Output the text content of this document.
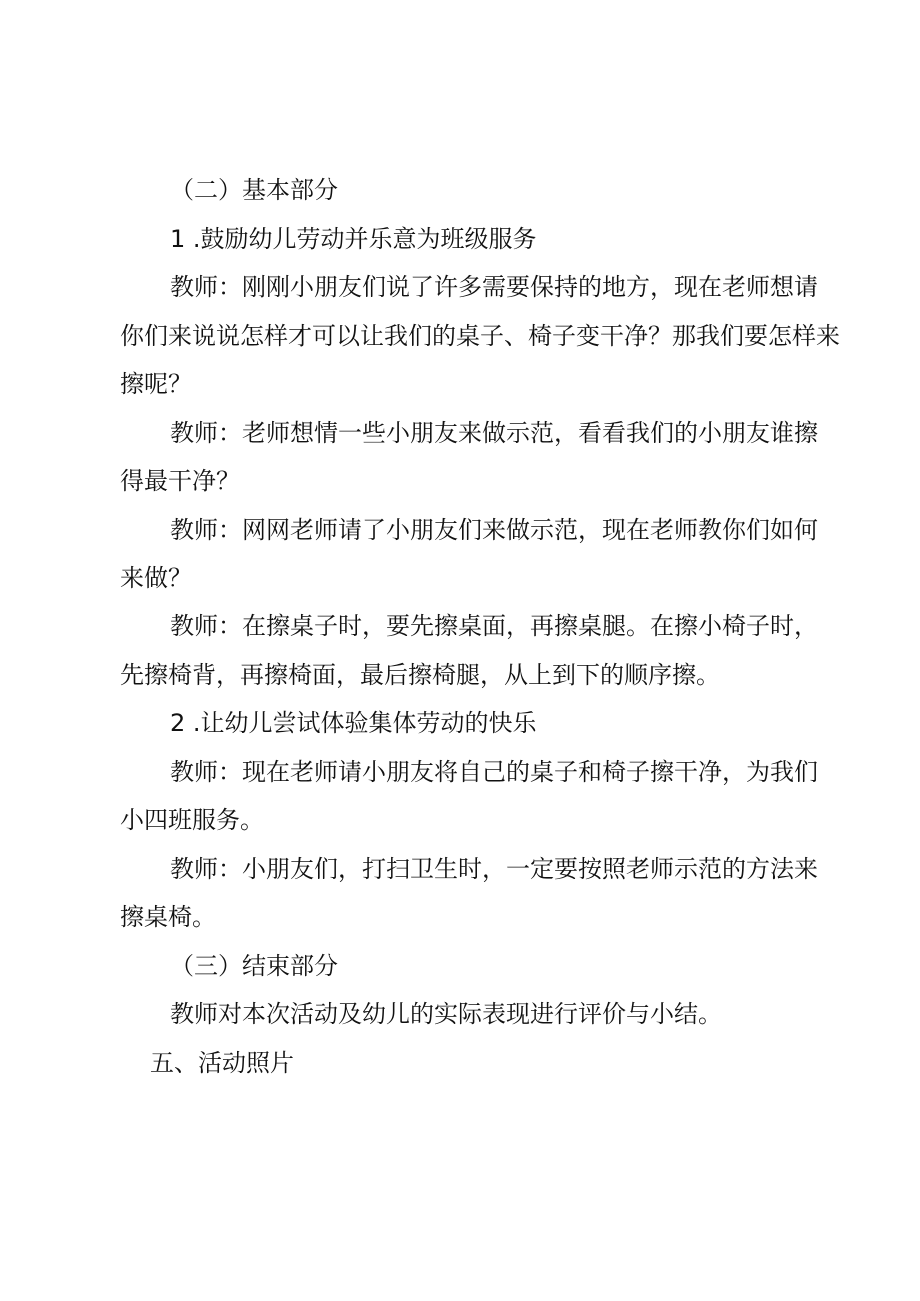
（二）基本部分
1 .鼓励幼儿劳动并乐意为班级服务
教师：刚刚小朋友们说了许多需要保持的地方，现在老师想请
你们来说说怎样才可以让我们的桌子、椅子变干净？那我们要怎样来
擦呢？
教师：老师想情一些小朋友来做示范，看看我们的小朋友谁擦
得最干净？
教师：网网老师请了小朋友们来做示范，现在老师教你们如何
来做？
教师：在擦桌子时，要先擦桌面，再擦桌腿。在擦小椅子时，
先擦椅背，再擦椅面，最后擦椅腿，从上到下的顺序擦。
2 .让幼儿尝试体验集体劳动的快乐
教师：现在老师请小朋友将自己的桌子和椅子擦干净，为我们
小四班服务。
教师：小朋友们，打扫卫生时，一定要按照老师示范的方法来
擦桌椅。
（三）结束部分
教师对本次活动及幼儿的实际表现进行评价与小结。
五、活动照片
